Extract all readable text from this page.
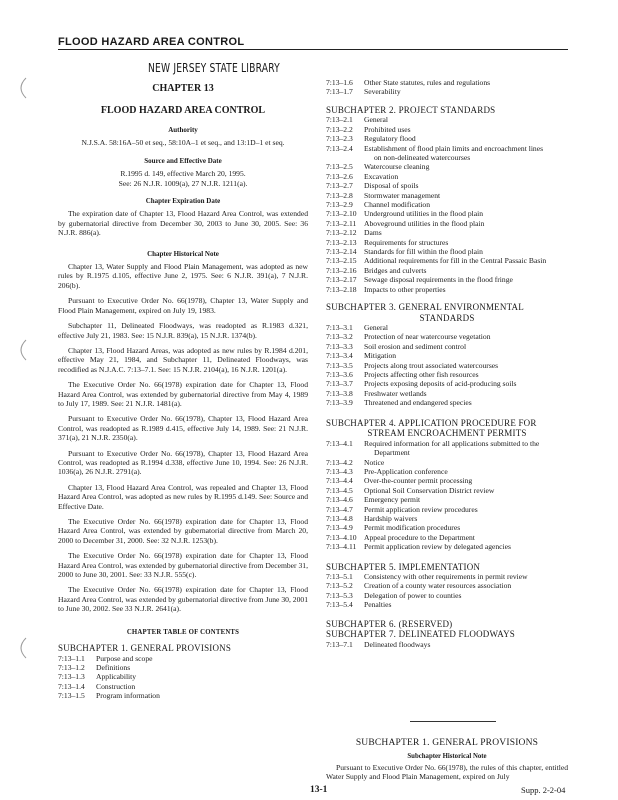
FLOOD HAZARD AREA CONTROL
NEW JERSEY STATE LIBRARY
CHAPTER 13
FLOOD HAZARD AREA CONTROL
Authority
N.J.S.A. 58:16A–50 et seq., 58:10A–1 et seq., and 13:1D–1 et seq.
Source and Effective Date
R.1995 d. 149, effective March 20, 1995.
See: 26 N.J.R. 1009(a), 27 N.J.R. 1211(a).
Chapter Expiration Date
The expiration date of Chapter 13, Flood Hazard Area Control, was extended by gubernatorial directive from December 30, 2003 to June 30, 2005. See: 36 N.J.R. 886(a).
Chapter Historical Note
Chapter 13, Water Supply and Flood Plain Management, was adopted as new rules by R.1975 d.105, effective June 2, 1975. See: 6 N.J.R. 391(a), 7 N.J.R. 206(b).
Pursuant to Executive Order No. 66(1978), Chapter 13, Water Supply and Flood Plain Management, expired on July 19, 1983.
Subchapter 11, Delineated Floodways, was readopted as R.1983 d.321, effective July 21, 1983. See: 15 N.J.R. 839(a), 15 N.J.R. 1374(b).
Chapter 13, Flood Hazard Areas, was adopted as new rules by R.1984 d.201, effective May 21, 1984, and Subchapter 11, Delineated Floodways, was recodified as N.J.A.C. 7:13–7.1. See: 15 N.J.R. 2104(a), 16 N.J.R. 1201(a).
The Executive Order No. 66(1978) expiration date for Chapter 13, Flood Hazard Area Control, was extended by gubernatorial directive from May 4, 1989 to July 17, 1989. See: 21 N.J.R. 1481(a).
Pursuant to Executive Order No. 66(1978), Chapter 13, Flood Hazard Area Control, was readopted as R.1989 d.415, effective July 14, 1989. See: 21 N.J.R. 371(a), 21 N.J.R. 2350(a).
Pursuant to Executive Order No. 66(1978), Chapter 13, Flood Hazard Area Control, was readopted as R.1994 d.338, effective June 10, 1994. See: 26 N.J.R. 1036(a), 26 N.J.R. 2791(a).
Chapter 13, Flood Hazard Area Control, was repealed and Chapter 13, Flood Hazard Area Control, was adopted as new rules by R.1995 d.149. See: Source and Effective Date.
The Executive Order No. 66(1978) expiration date for Chapter 13, Flood Hazard Area Control, was extended by gubernatorial directive from March 20, 2000 to December 31, 2000. See: 32 N.J.R. 1253(b).
The Executive Order No. 66(1978) expiration date for Chapter 13, Flood Hazard Area Control, was extended by gubernatorial directive from December 31, 2000 to June 30, 2001. See: 33 N.J.R. 555(c).
The Executive Order No. 66(1978) expiration date for Chapter 13, Flood Hazard Area Control, was extended by gubernatorial directive from June 30, 2001 to June 30, 2002. See 33 N.J.R. 2641(a).
CHAPTER TABLE OF CONTENTS
SUBCHAPTER 1. GENERAL PROVISIONS
7:13–1.1	Purpose and scope
7:13–1.2	Definitions
7:13–1.3	Applicability
7:13–1.4	Construction
7:13–1.5	Program information
7:13–1.6	Other State statutes, rules and regulations
7:13–1.7	Severability
SUBCHAPTER 2. PROJECT STANDARDS
7:13–2.1	General
7:13–2.2	Prohibited uses
7:13–2.3	Regulatory flood
7:13–2.4	Establishment of flood plain limits and encroachment lines
on non-delineated watercourses
7:13–2.5	Watercourse cleaning
7:13–2.6	Excavation
7:13–2.7	Disposal of spoils
7:13–2.8	Stormwater management
7:13–2.9	Channel modification
7:13–2.10 Underground utilities in the flood plain
7:13–2.11	Aboveground utilities in the flood plain
7:13–2.12 Dams
7:13–2.13 Requirements for structures
7:13–2.14 Standards for fill within the flood plain
7:13–2.15 Additional requirements for fill in the Central Passaic Basin
7:13–2.16 Bridges and culverts
7:13–2.17 Sewage disposal requirements in the flood fringe
7:13–2.18 Impacts to other properties
SUBCHAPTER 3. GENERAL ENVIRONMENTAL
STANDARDS
7:13–3.1	General
7:13–3.2	Protection of near watercourse vegetation
7:13–3.3	Soil erosion and sediment control
7:13–3.4	Mitigation
7:13–3.5	Projects along trout associated watercourses
7:13–3.6	Projects affecting other fish resources
7:13–3.7	Projects exposing deposits of acid-producing soils
7:13–3.8	Freshwater wetlands
7:13–3.9	Threatened and endangered species
SUBCHAPTER 4. APPLICATION PROCEDURE FOR
STREAM ENCROACHMENT PERMITS
7:13–4.1	Required information for all applications submitted to the
Department
7:13–4.2	Notice
7:13–4.3	Pre-Application conference
7:13–4.4	Over-the-counter permit processing
7:13–4.5	Optional Soil Conservation District review
7:13–4.6	Emergency permit
7:13–4.7	Permit application review procedures
7:13–4.8	Hardship waivers
7:13–4.9	Permit modification procedures
7:13–4.10 Appeal procedure to the Department
7:13–4.11	Permit application review by delegated agencies
SUBCHAPTER 5. IMPLEMENTATION
7:13–5.1	Consistency with other requirements in permit review
7:13–5.2	Creation of a county water resources association
7:13–5.3	Delegation of power to counties
7:13–5.4	Penalties
SUBCHAPTER 6. (RESERVED)
SUBCHAPTER 7. DELINEATED FLOODWAYS
7:13–7.1	Delineated floodways
SUBCHAPTER 1. GENERAL PROVISIONS
Subchapter Historical Note
Pursuant to Executive Order No. 66(1978), the rules of this chapter, entitled Water Supply and Flood Plain Management, expired on July
13-1	Supp. 2-2-04
